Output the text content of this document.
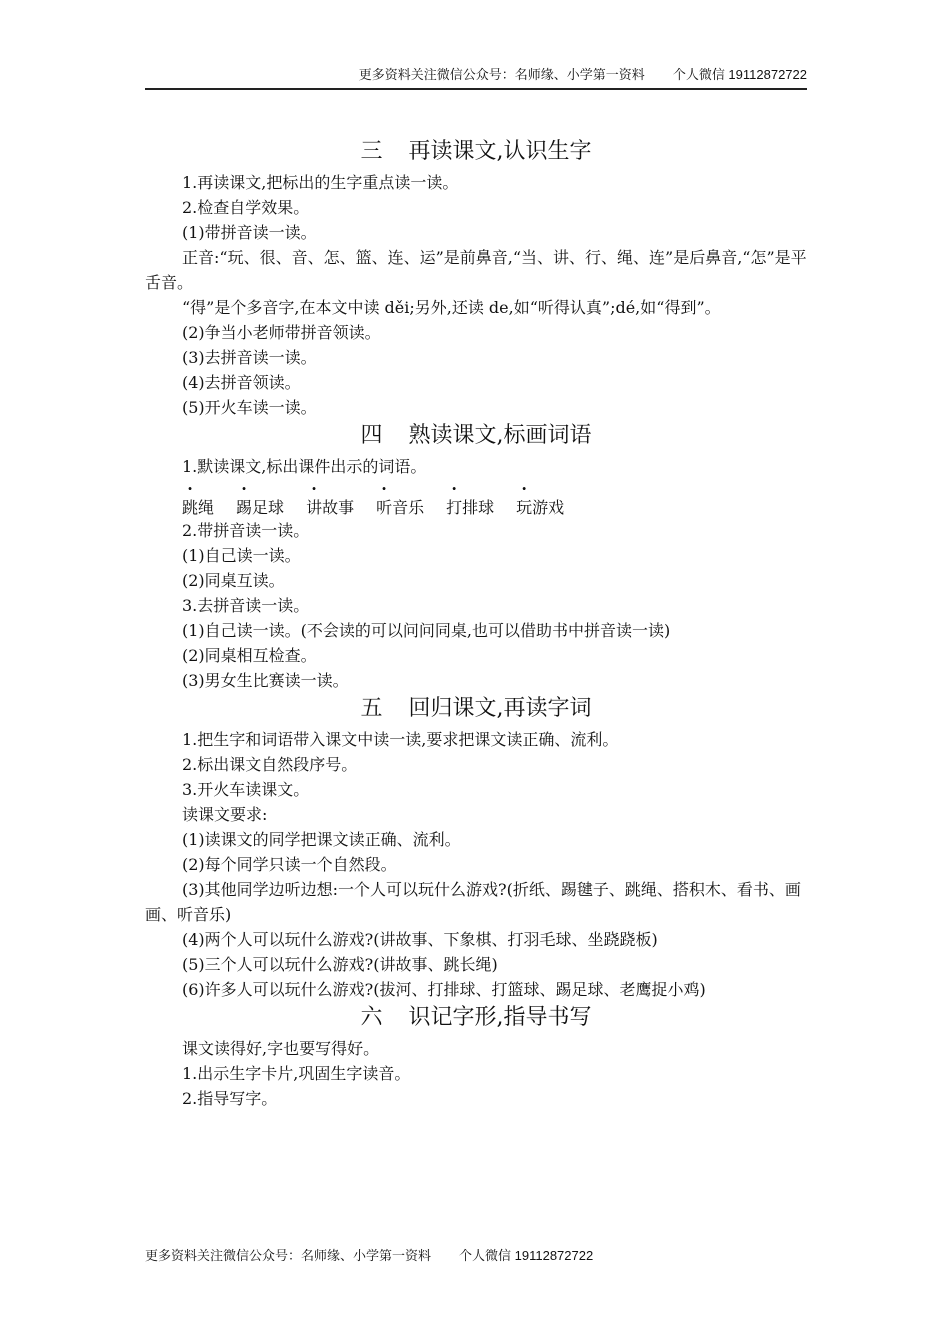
更多资料关注微信公众号：名师缘、小学第一资料 个人微信 19112872722
三 再读课文,认识生字

1.再读课文,把标出的生字重点读一读。

2.检查自学效果。

(1)带拼音读一读。

正音:“玩、很、音、怎、篮、连、运”是前鼻音,“当、讲、行、绳、连”是后鼻音,“怎”是平舌音。

“得”是个多音字,在本文中读 děi;另外,还读 de,如“听得认真”;dé,如“得到”。

(2)争当小老师带拼音领读。

(3)去拼音读一读。

(4)去拼音领读。

(5)开火车读一读。

四 熟读课文,标画词语

1.默读课文,标出课件出示的词语。

跳绳 踢足球 讲故事 听音乐 打排球 玩游戏

2.带拼音读一读。

(1)自己读一读。

(2)同桌互读。

3.去拼音读一读。

(1)自己读一读。(不会读的可以问问同桌,也可以借助书中拼音读一读)

(2)同桌相互检查。

(3)男女生比赛读一读。

五 回归课文,再读字词

1.把生字和词语带入课文中读一读,要求把课文读正确、流利。

2.标出课文自然段序号。

3.开火车读课文。

读课文要求:

(1)读课文的同学把课文读正确、流利。

(2)每个同学只读一个自然段。

(3)其他同学边听边想:一个人可以玩什么游戏?(折纸、踢毽子、跳绳、搭积木、看书、画画、听音乐)

(4)两个人可以玩什么游戏?(讲故事、下象棋、打羽毛球、坐跷跷板)

(5)三个人可以玩什么游戏?(讲故事、跳长绳)

(6)许多人可以玩什么游戏?(拔河、打排球、打篮球、踢足球、老鹰捉小鸡)

六 识记字形,指导书写

课文读得好,字也要写得好。

1.出示生字卡片,巩固生字读音。

2.指导写字。

更多资料关注微信公众号：名师缘、小学第一资料 个人微信 19112872722
